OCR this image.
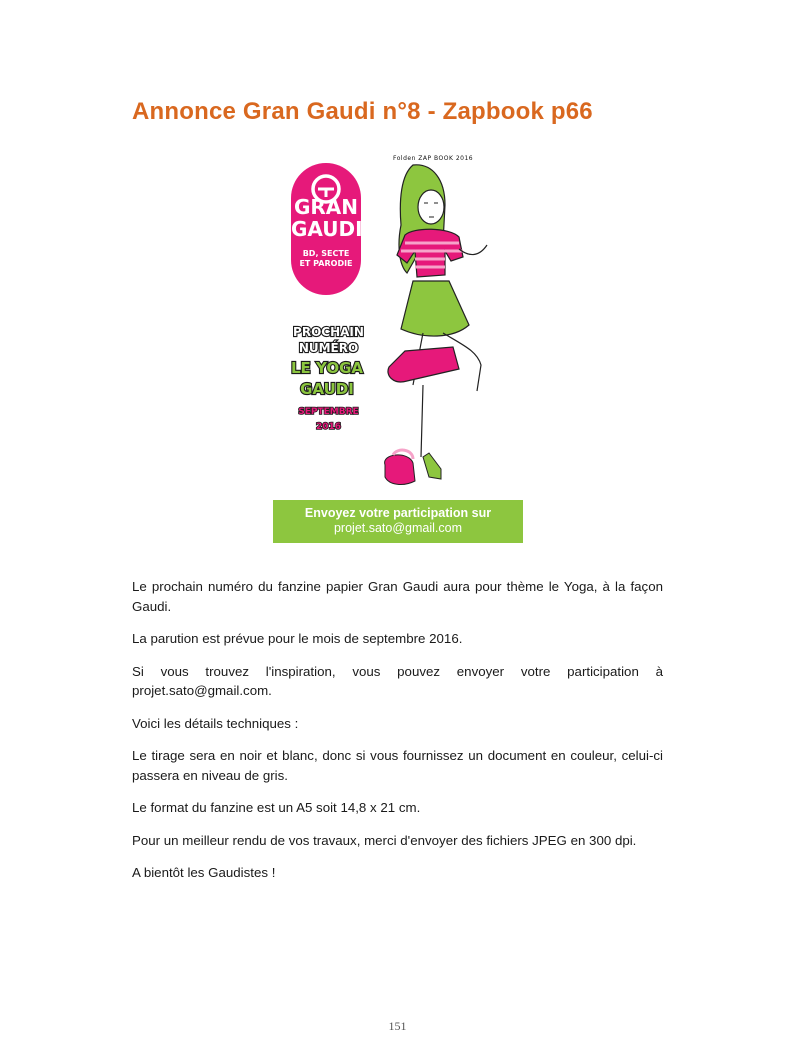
Annonce Gran Gaudi n°8 - Zapbook p66
Folden ZAP BOOK 2016
GRAN
GAUDI
BD, SECTE
ET PARODIE
PROCHAIN
NUMÉRO
LE YOGA
GAUDI
SEPTEMBRE
2016
Envoyez votre participation sur
projet.sato@gmail.com

Le prochain numéro du fanzine papier Gran Gaudi aura pour thème le Yoga, à la façon Gaudi.

La parution est prévue pour le mois de septembre 2016.

Si vous trouvez l'inspiration, vous pouvez envoyer votre participation à projet.sato@gmail.com.

Voici les détails techniques :

Le tirage sera en noir et blanc, donc si vous fournissez un document en couleur, celui-ci passera en niveau de gris.

Le format du fanzine est un A5 soit 14,8 x 21 cm.

Pour un meilleur rendu de vos travaux, merci d'envoyer des fichiers JPEG en 300 dpi.

A bientôt les Gaudistes !

151
